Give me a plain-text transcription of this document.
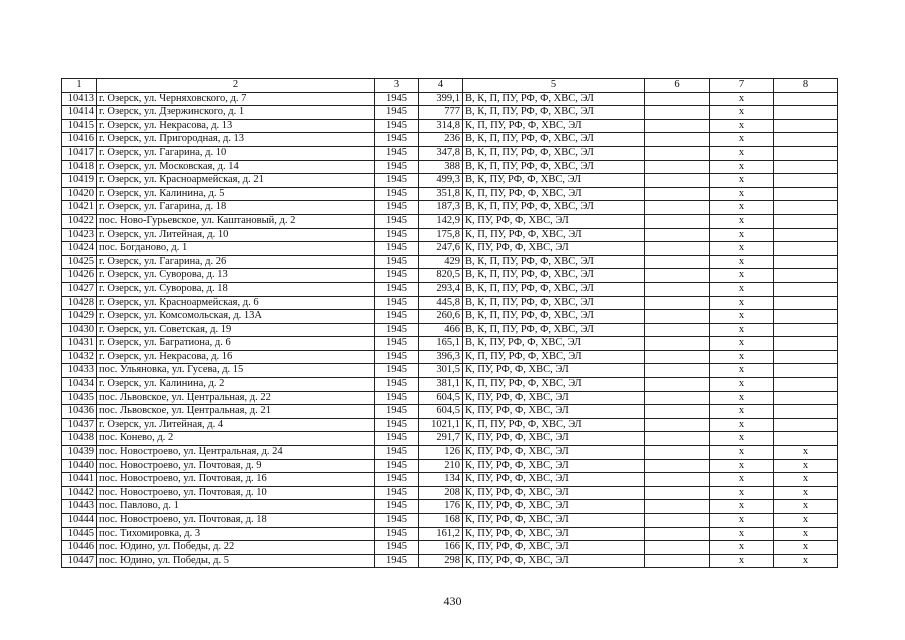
1	2	3	4	5	6	7	8
10413	г. Озерск, ул. Черняховского, д. 7	1945	399,1	В, К, П, ПУ, РФ, Ф, ХВС, ЭЛ		х	
10414	г. Озерск, ул. Дзержинского, д. 1	1945	777	В, К, П, ПУ, РФ, Ф, ХВС, ЭЛ		х	
10415	г. Озерск, ул. Некрасова, д. 13	1945	314,8	К, П, ПУ, РФ, Ф, ХВС, ЭЛ		х	
10416	г. Озерск, ул. Пригородная, д. 13	1945	236	В, К, П, ПУ, РФ, Ф, ХВС, ЭЛ		х	
10417	г. Озерск, ул. Гагарина, д. 10	1945	347,8	В, К, П, ПУ, РФ, Ф, ХВС, ЭЛ		х	
10418	г. Озерск, ул. Московская, д. 14	1945	388	В, К, П, ПУ, РФ, Ф, ХВС, ЭЛ		х	
10419	г. Озерск, ул. Красноармейская, д. 21	1945	499,3	В, К, ПУ, РФ, Ф, ХВС, ЭЛ		х	
10420	г. Озерск, ул. Калинина, д. 5	1945	351,8	К, П, ПУ, РФ, Ф, ХВС, ЭЛ		х	
10421	г. Озерск, ул. Гагарина, д. 18	1945	187,3	В, К, П, ПУ, РФ, Ф, ХВС, ЭЛ		х	
10422	пос. Ново-Гурьевское, ул. Каштановый, д. 2	1945	142,9	К, ПУ, РФ, Ф, ХВС, ЭЛ		х	
10423	г. Озерск, ул. Литейная, д. 10	1945	175,8	К, П, ПУ, РФ, Ф, ХВС, ЭЛ		х	
10424	пос. Богданово, д. 1	1945	247,6	К, ПУ, РФ, Ф, ХВС, ЭЛ		х	
10425	г. Озерск, ул. Гагарина, д. 26	1945	429	В, К, П, ПУ, РФ, Ф, ХВС, ЭЛ		х	
10426	г. Озерск, ул. Суворова, д. 13	1945	820,5	В, К, П, ПУ, РФ, Ф, ХВС, ЭЛ		х	
10427	г. Озерск, ул. Суворова, д. 18	1945	293,4	В, К, П, ПУ, РФ, Ф, ХВС, ЭЛ		х	
10428	г. Озерск, ул. Красноармейская, д. 6	1945	445,8	В, К, П, ПУ, РФ, Ф, ХВС, ЭЛ		х	
10429	г. Озерск, ул. Комсомольская, д. 13А	1945	260,6	В, К, П, ПУ, РФ, Ф, ХВС, ЭЛ		х	
10430	г. Озерск, ул. Советская, д. 19	1945	466	В, К, П, ПУ, РФ, Ф, ХВС, ЭЛ		х	
10431	г. Озерск, ул. Багратиона, д. 6	1945	165,1	В, К, ПУ, РФ, Ф, ХВС, ЭЛ		х	
10432	г. Озерск, ул. Некрасова, д. 16	1945	396,3	К, П, ПУ, РФ, Ф, ХВС, ЭЛ		х	
10433	пос. Ульяновка, ул. Гусева, д. 15	1945	301,5	К, ПУ, РФ, Ф, ХВС, ЭЛ		х	
10434	г. Озерск, ул. Калинина, д. 2	1945	381,1	К, П, ПУ, РФ, Ф, ХВС, ЭЛ		х	
10435	пос. Львовское, ул. Центральная, д. 22	1945	604,5	К, ПУ, РФ, Ф, ХВС, ЭЛ		х	
10436	пос. Львовское, ул. Центральная, д. 21	1945	604,5	К, ПУ, РФ, Ф, ХВС, ЭЛ		х	
10437	г. Озерск, ул. Литейная, д. 4	1945	1021,1	К, П, ПУ, РФ, Ф, ХВС, ЭЛ		х	
10438	пос. Конево, д. 2	1945	291,7	К, ПУ, РФ, Ф, ХВС, ЭЛ		х	
10439	пос. Новостроево, ул. Центральная, д. 24	1945	126	К, ПУ, РФ, Ф, ХВС, ЭЛ		х	х
10440	пос. Новостроево, ул. Почтовая, д. 9	1945	210	К, ПУ, РФ, Ф, ХВС, ЭЛ		х	х
10441	пос. Новостроево, ул. Почтовая, д. 16	1945	134	К, ПУ, РФ, Ф, ХВС, ЭЛ		х	х
10442	пос. Новостроево, ул. Почтовая, д. 10	1945	208	К, ПУ, РФ, Ф, ХВС, ЭЛ		х	х
10443	пос. Павлово, д. 1	1945	176	К, ПУ, РФ, Ф, ХВС, ЭЛ		х	х
10444	пос. Новостроево, ул. Почтовая, д. 18	1945	168	К, ПУ, РФ, Ф, ХВС, ЭЛ		х	х
10445	пос. Тихомировка, д. 3	1945	161,2	К, ПУ, РФ, Ф, ХВС, ЭЛ		х	х
10446	пос. Юдино, ул. Победы, д. 22	1945	166	К, ПУ, РФ, Ф, ХВС, ЭЛ		х	х
10447	пос. Юдино, ул. Победы, д. 5	1945	298	К, ПУ, РФ, Ф, ХВС, ЭЛ		х	х
430
